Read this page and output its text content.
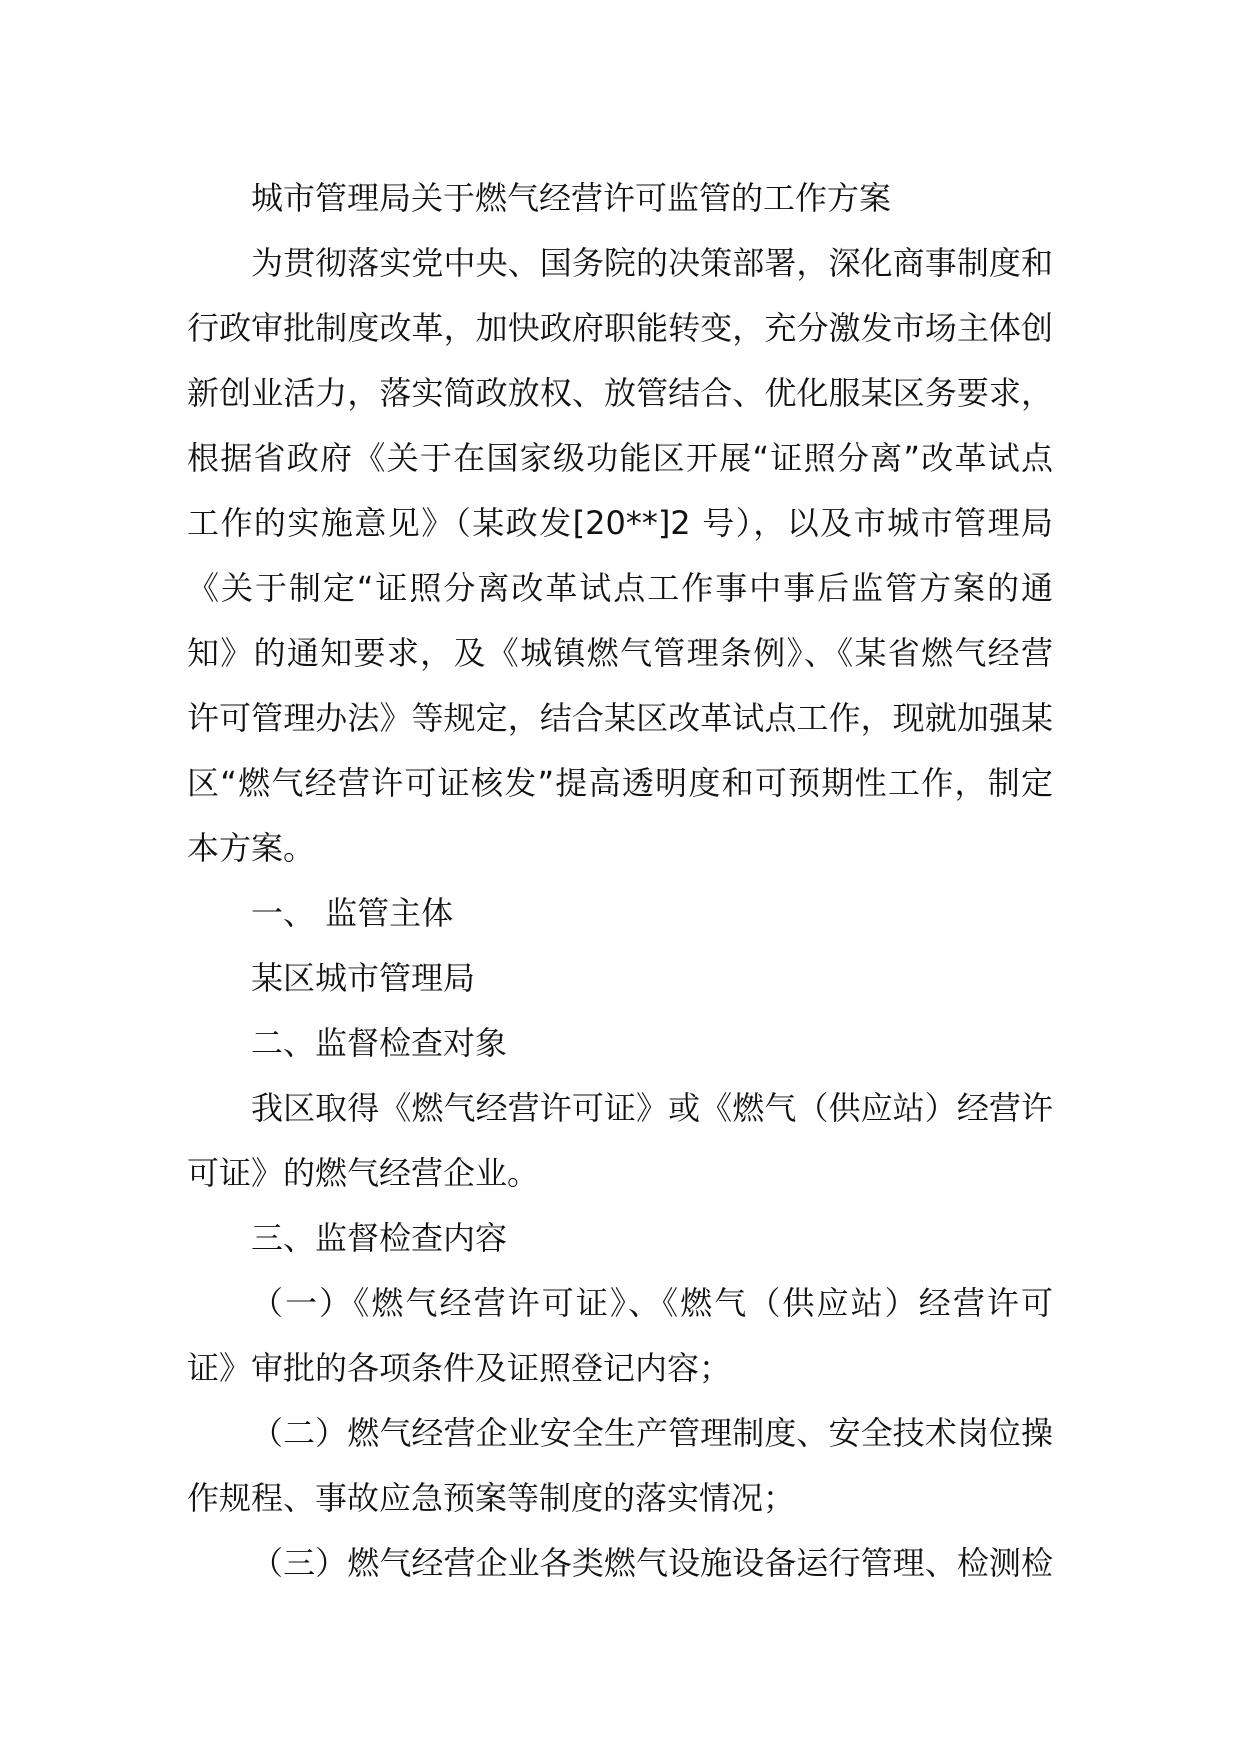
城市管理局关于燃气经营许可监管的工作方案
为贯彻落实党中央、国务院的决策部署，深化商事制度和
行政审批制度改革，加快政府职能转变，充分激发市场主体创
新创业活力，落实简政放权、放管结合、优化服某区务要求，
根据省政府《关于在国家级功能区开展“证照分离”改革试点
工作的实施意见》（某政发[20**]2 号），以及市城市管理局
《关于制定“证照分离改革试点工作事中事后监管方案的通
知》的通知要求，及《城镇燃气管理条例》、《某省燃气经营
许可管理办法》等规定，结合某区改革试点工作，现就加强某
区“燃气经营许可证核发”提高透明度和可预期性工作，制定
本方案。
一、 监管主体
某区城市管理局
二、监督检查对象
我区取得《燃气经营许可证》或《燃气（供应站）经营许
可证》的燃气经营企业。
三、监督检查内容
（一）《燃气经营许可证》、《燃气（供应站）经营许可
证》审批的各项条件及证照登记内容；
（二）燃气经营企业安全生产管理制度、安全技术岗位操
作规程、事故应急预案等制度的落实情况；
（三）燃气经营企业各类燃气设施设备运行管理、检测检
